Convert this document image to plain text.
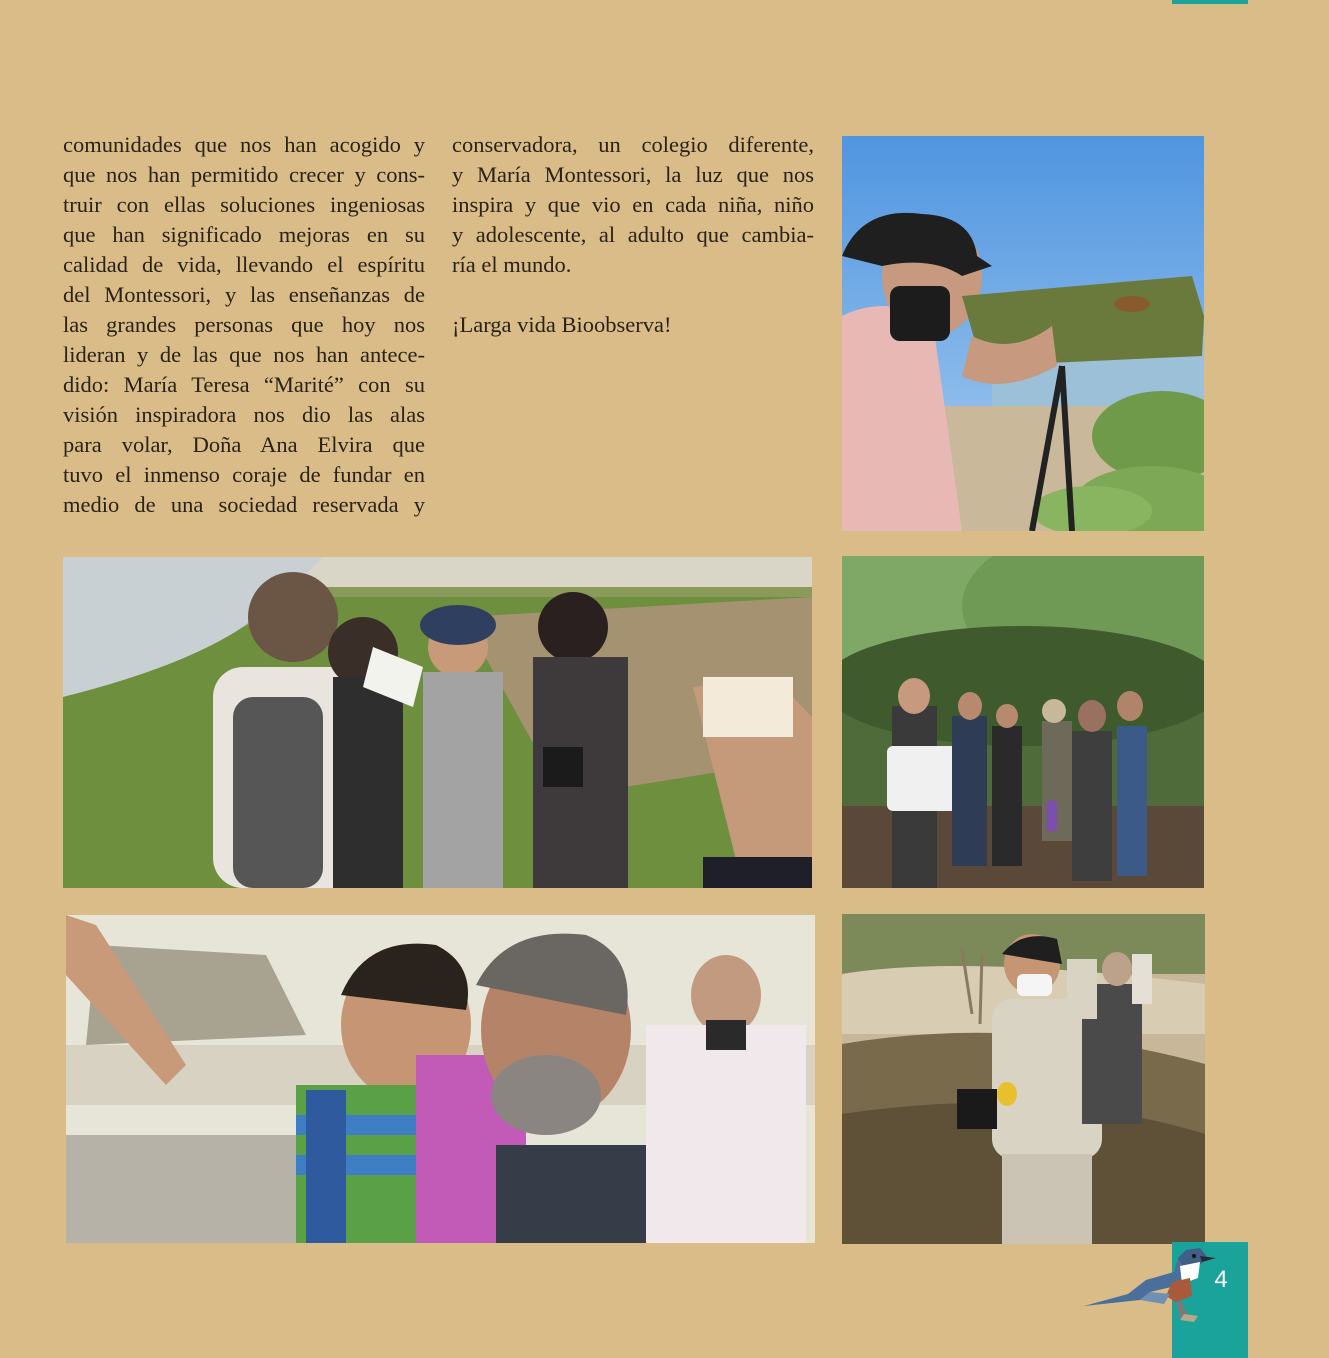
comunidades que nos han acogido y
que nos han permitido crecer y cons-
truir con ellas soluciones ingeniosas
que han significado mejoras en su
calidad de vida, llevando el espíritu
del Montessori, y las enseñanzas de
las grandes personas que hoy nos
lideran y de las que nos han antece-
dido: María Teresa “Marité” con su
visión inspiradora nos dio las alas
para volar, Doña Ana Elvira que
tuvo el inmenso coraje de fundar en
medio de una sociedad reservada y

conservadora, un colegio diferente,
y María Montessori, la luz que nos
inspira y que vio en cada niña, niño
y adolescente, al adulto que cambia-
ría el mundo.

¡Larga vida Bioobserva!

4
